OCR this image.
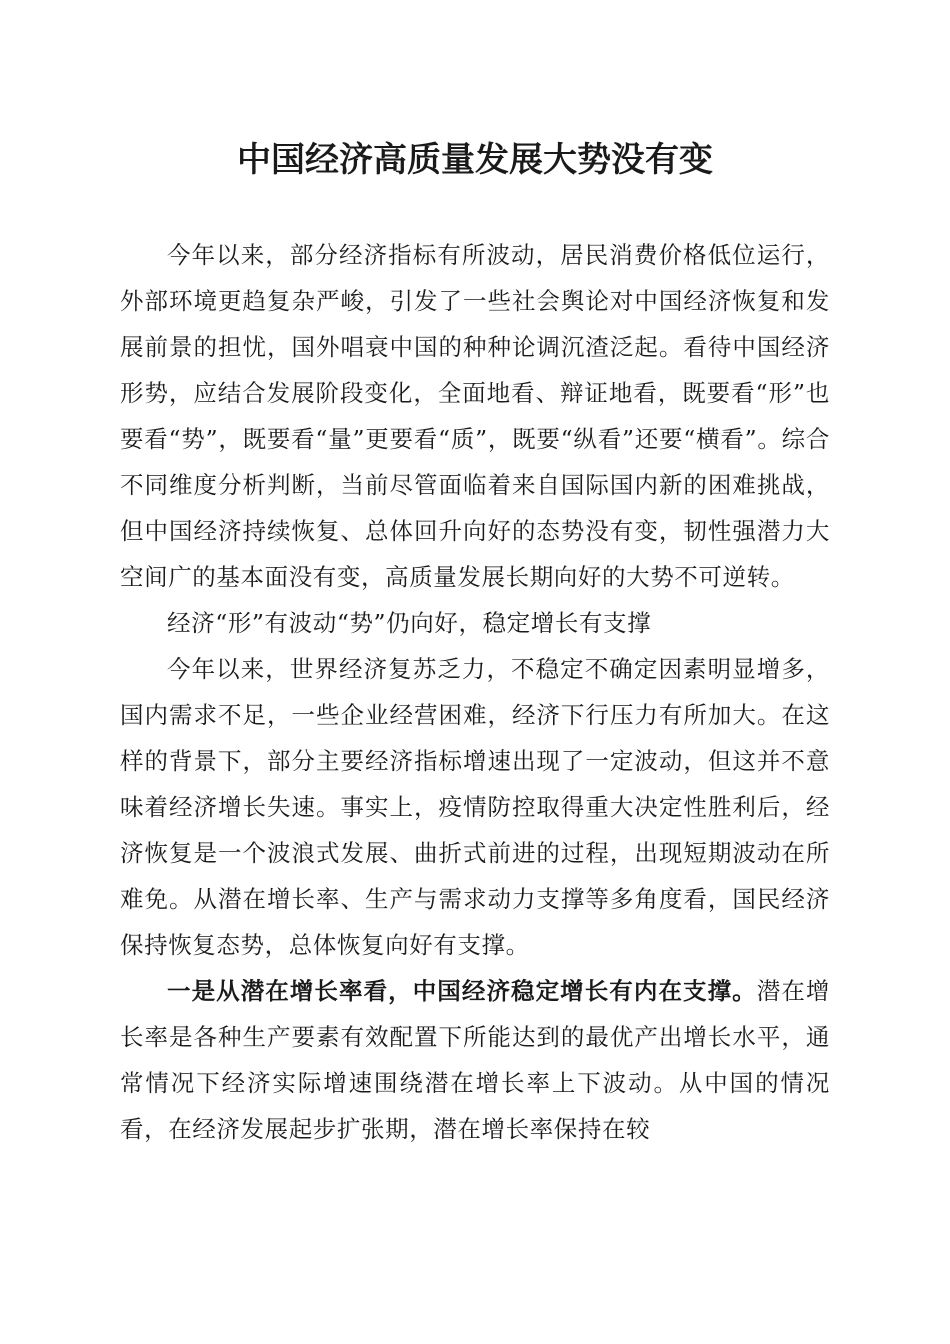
中国经济高质量发展大势没有变

今年以来，部分经济指标有所波动，居民消费价格低位运行，外部环境更趋复杂严峻，引发了一些社会舆论对中国经济恢复和发展前景的担忧，国外唱衰中国的种种论调沉渣泛起。看待中国经济形势，应结合发展阶段变化，全面地看、辩证地看，既要看“形”也要看“势”，既要看“量”更要看“质”，既要“纵看”还要“横看”。综合不同维度分析判断，当前尽管面临着来自国际国内新的困难挑战，但中国经济持续恢复、总体回升向好的态势没有变，韧性强潜力大空间广的基本面没有变，高质量发展长期向好的大势不可逆转。

经济“形”有波动“势”仍向好，稳定增长有支撑

今年以来，世界经济复苏乏力，不稳定不确定因素明显增多，国内需求不足，一些企业经营困难，经济下行压力有所加大。在这样的背景下，部分主要经济指标增速出现了一定波动，但这并不意味着经济增长失速。事实上，疫情防控取得重大决定性胜利后，经济恢复是一个波浪式发展、曲折式前进的过程，出现短期波动在所难免。从潜在增长率、生产与需求动力支撑等多角度看，国民经济保持恢复态势，总体恢复向好有支撑。

一是从潜在增长率看，中国经济稳定增长有内在支撑。潜在增长率是各种生产要素有效配置下所能达到的最优产出增长水平，通常情况下经济实际增速围绕潜在增长率上下波动。从中国的情况看，在经济发展起步扩张期，潜在增长率保持在较
